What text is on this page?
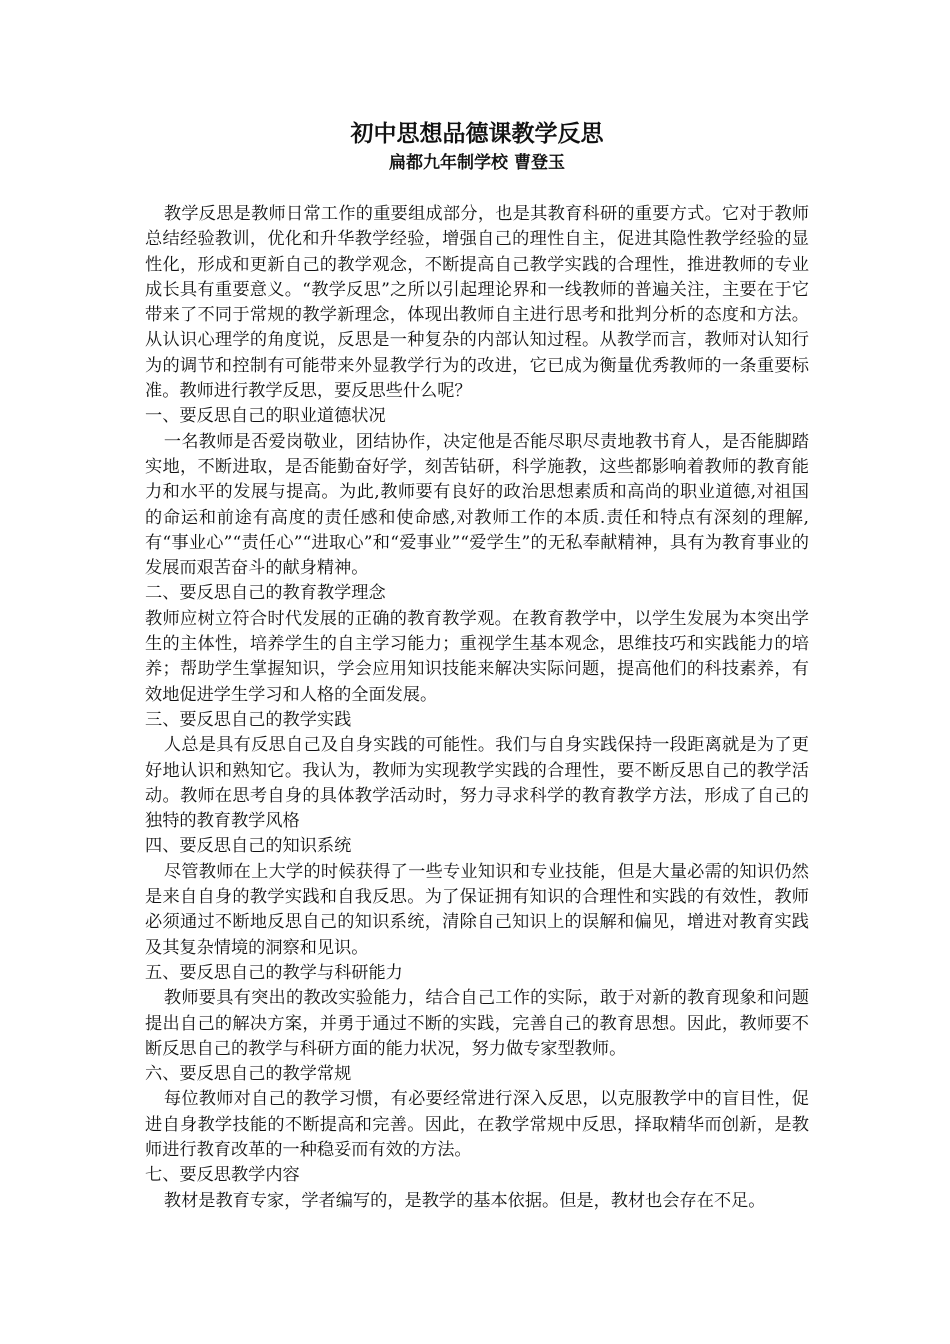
初中思想品德课教学反思

扁都九年制学校 曹登玉

教学反思是教师日常工作的重要组成部分，也是其教育科研的重要方式。它对于教师总结经验教训，优化和升华教学经验，增强自己的理性自主，促进其隐性教学经验的显性化，形成和更新自己的教学观念，不断提高自己教学实践的合理性，推进教师的专业成长具有重要意义。“教学反思”之所以引起理论界和一线教师的普遍关注，主要在于它带来了不同于常规的教学新理念，体现出教师自主进行思考和批判分析的态度和方法。从认识心理学的角度说，反思是一种复杂的内部认知过程。从教学而言，教师对认知行为的调节和控制有可能带来外显教学行为的改进，它已成为衡量优秀教师的一条重要标准。教师进行教学反思，要反思些什么呢？

一、要反思自己的职业道德状况

一名教师是否爱岗敬业，团结协作，决定他是否能尽职尽责地教书育人，是否能脚踏实地，不断进取，是否能勤奋好学，刻苦钻研，科学施教，这些都影响着教师的教育能力和水平的发展与提高。为此,教师要有良好的政治思想素质和高尚的职业道德,对祖国的命运和前途有高度的责任感和使命感,对教师工作的本质.责任和特点有深刻的理解,有“事业心”“责任心”“进取心”和“爱事业”“爱学生”的无私奉献精神，具有为教育事业的发展而艰苦奋斗的献身精神。

二、要反思自己的教育教学理念

教师应树立符合时代发展的正确的教育教学观。在教育教学中，以学生发展为本突出学生的主体性，培养学生的自主学习能力；重视学生基本观念，思维技巧和实践能力的培养；帮助学生掌握知识，学会应用知识技能来解决实际问题，提高他们的科技素养，有效地促进学生学习和人格的全面发展。

三、要反思自己的教学实践

人总是具有反思自己及自身实践的可能性。我们与自身实践保持一段距离就是为了更好地认识和熟知它。我认为，教师为实现教学实践的合理性，要不断反思自己的教学活动。教师在思考自身的具体教学活动时，努力寻求科学的教育教学方法，形成了自己的独特的教育教学风格

四、要反思自己的知识系统

尽管教师在上大学的时候获得了一些专业知识和专业技能，但是大量必需的知识仍然是来自自身的教学实践和自我反思。为了保证拥有知识的合理性和实践的有效性，教师必须通过不断地反思自己的知识系统，清除自己知识上的误解和偏见，增进对教育实践及其复杂情境的洞察和见识。

五、要反思自己的教学与科研能力

教师要具有突出的教改实验能力，结合自己工作的实际，敢于对新的教育现象和问题提出自己的解决方案，并勇于通过不断的实践，完善自己的教育思想。因此，教师要不断反思自己的教学与科研方面的能力状况，努力做专家型教师。

六、要反思自己的教学常规

每位教师对自己的教学习惯，有必要经常进行深入反思，以克服教学中的盲目性，促进自身教学技能的不断提高和完善。因此，在教学常规中反思，择取精华而创新，是教师进行教育改革的一种稳妥而有效的方法。

七、要反思教学内容

教材是教育专家，学者编写的，是教学的基本依据。但是，教材也会存在不足。
